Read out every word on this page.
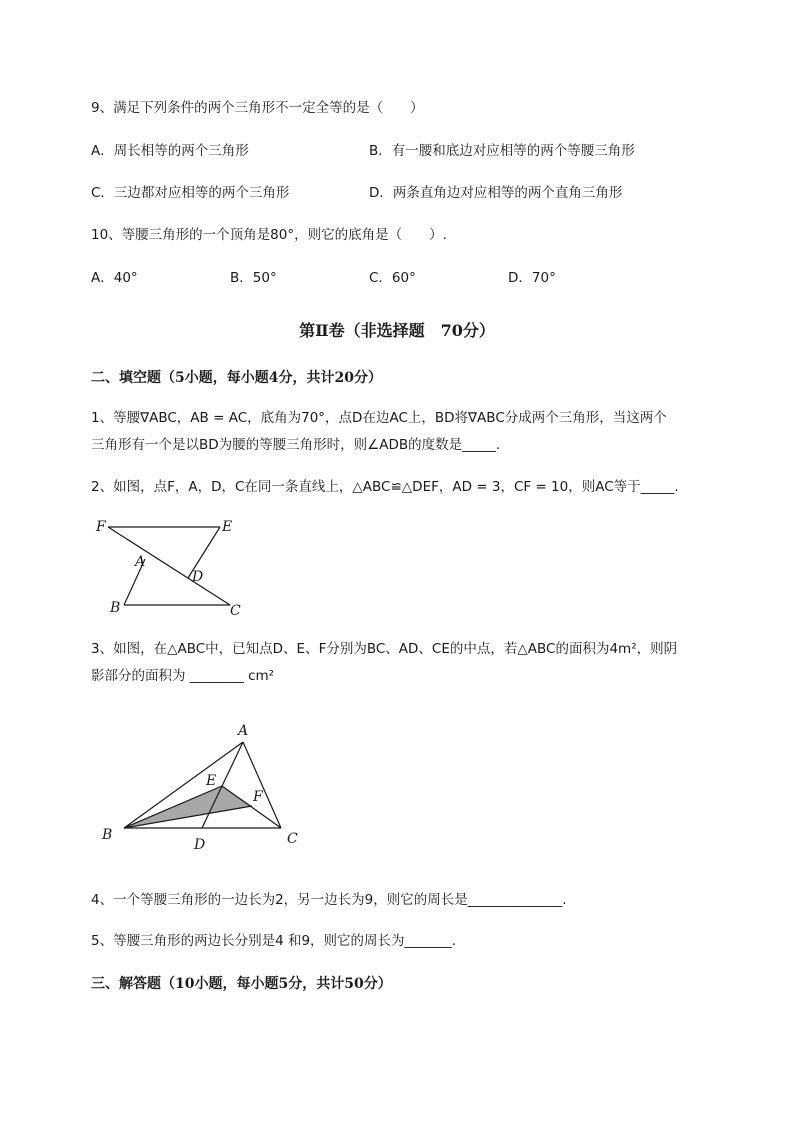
9、满足下列条件的两个三角形不一定全等的是（　　）
A．周长相等的两个三角形	B．有一腰和底边对应相等的两个等腰三角形
C．三边都对应相等的两个三角形	D．两条直角边对应相等的两个直角三角形
10、等腰三角形的一个顶角是80°，则它的底角是（　　）.
A．40°	B．50°	C．60°	D．70°
第Ⅱ卷（非选择题　70分）
二、填空题（5小题，每小题4分，共计20分）
1、等腰∇ABC，AB = AC，底角为70°，点D在边AC上，BD将∇ABC分成两个三角形，当这两个
三角形有一个是以BD为腰的等腰三角形时，则∠ADB的度数是_____.
2、如图，点F，A，D，C在同一条直线上，△ABC≌△DEF，AD = 3，CF = 10，则AC等于_____.
F	E
A
D
B	C
3、如图，在△ABC中，已知点D、E、F分别为BC、AD、CE的中点，若△ABC的面积为4m²，则阴
影部分的面积为 ________ cm²
A
E
F
B
D	C
4、一个等腰三角形的一边长为2，另一边长为9，则它的周长是______________.
5、等腰三角形的两边长分别是4 和9，则它的周长为_______.
三、解答题（10小题，每小题5分，共计50分）
